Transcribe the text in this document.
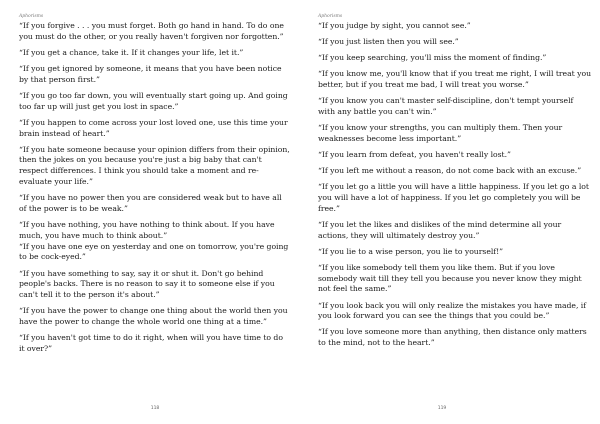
Aphorisms

“If you forgive . . . you must forget. Both go hand in hand. To do one you must do the other, or you really haven't forgiven nor forgotten.”

“If you get a chance, take it. If it changes your life, let it.”

“If you get ignored by someone, it means that you have been notice by that person first.”

“If you go too far down, you will eventually start going up. And going too far up will just get you lost in space.”

“If you happen to come across your lost loved one, use this time your brain instead of heart.”

“If you hate someone because your opinion differs from their opinion, then the jokes on you because you're just a big baby that can't respect differences. I think you should take a moment and re-evaluate your life.”

“If you have no power then you are considered weak but to have all of the power is to be weak.”

“If you have nothing, you have nothing to think about. If you have much, you have much to think about.”

“If you have one eye on yesterday and one on tomorrow, you're going to be cock-eyed.”

“If you have something to say, say it or shut it. Don't go behind people's backs. There is no reason to say it to someone else if you can't tell it to the person it's about.”

“If you have the power to change one thing about the world then you have the power to change the whole world one thing at a time.”

“If you haven't got time to do it right, when will you have time to do it over?”

118
Aphorisms

“If you judge by sight, you cannot see.”

“If you just listen then you will see.”

“If you keep searching, you'll miss the moment of finding.”

“If you know me, you'll know that if you treat me right, I will treat you better, but if you treat me bad, I will treat you worse.”

“If you know you can't master self-discipline, don't tempt yourself with any battle you can't win.”

“If you know your strengths, you can multiply them. Then your weaknesses become less important.”

“If you learn from defeat, you haven't really lost.”

“If you left me without a reason, do not come back with an excuse.”

“If you let go a little you will have a little happiness. If you let go a lot you will have a lot of happiness. If you let go completely you will be free.”

“If you let the likes and dislikes of the mind determine all your actions, they will ultimately destroy you.”

“If you lie to a wise person, you lie to yourself!”

“If you like somebody tell them you like them. But if you love somebody wait till they tell you because you never know they might not feel the same.”

“If you look back you will only realize the mistakes you have made, if you look forward you can see the things that you could be.”

“If you love someone more than anything, then distance only matters to the mind, not to the heart.”

119
